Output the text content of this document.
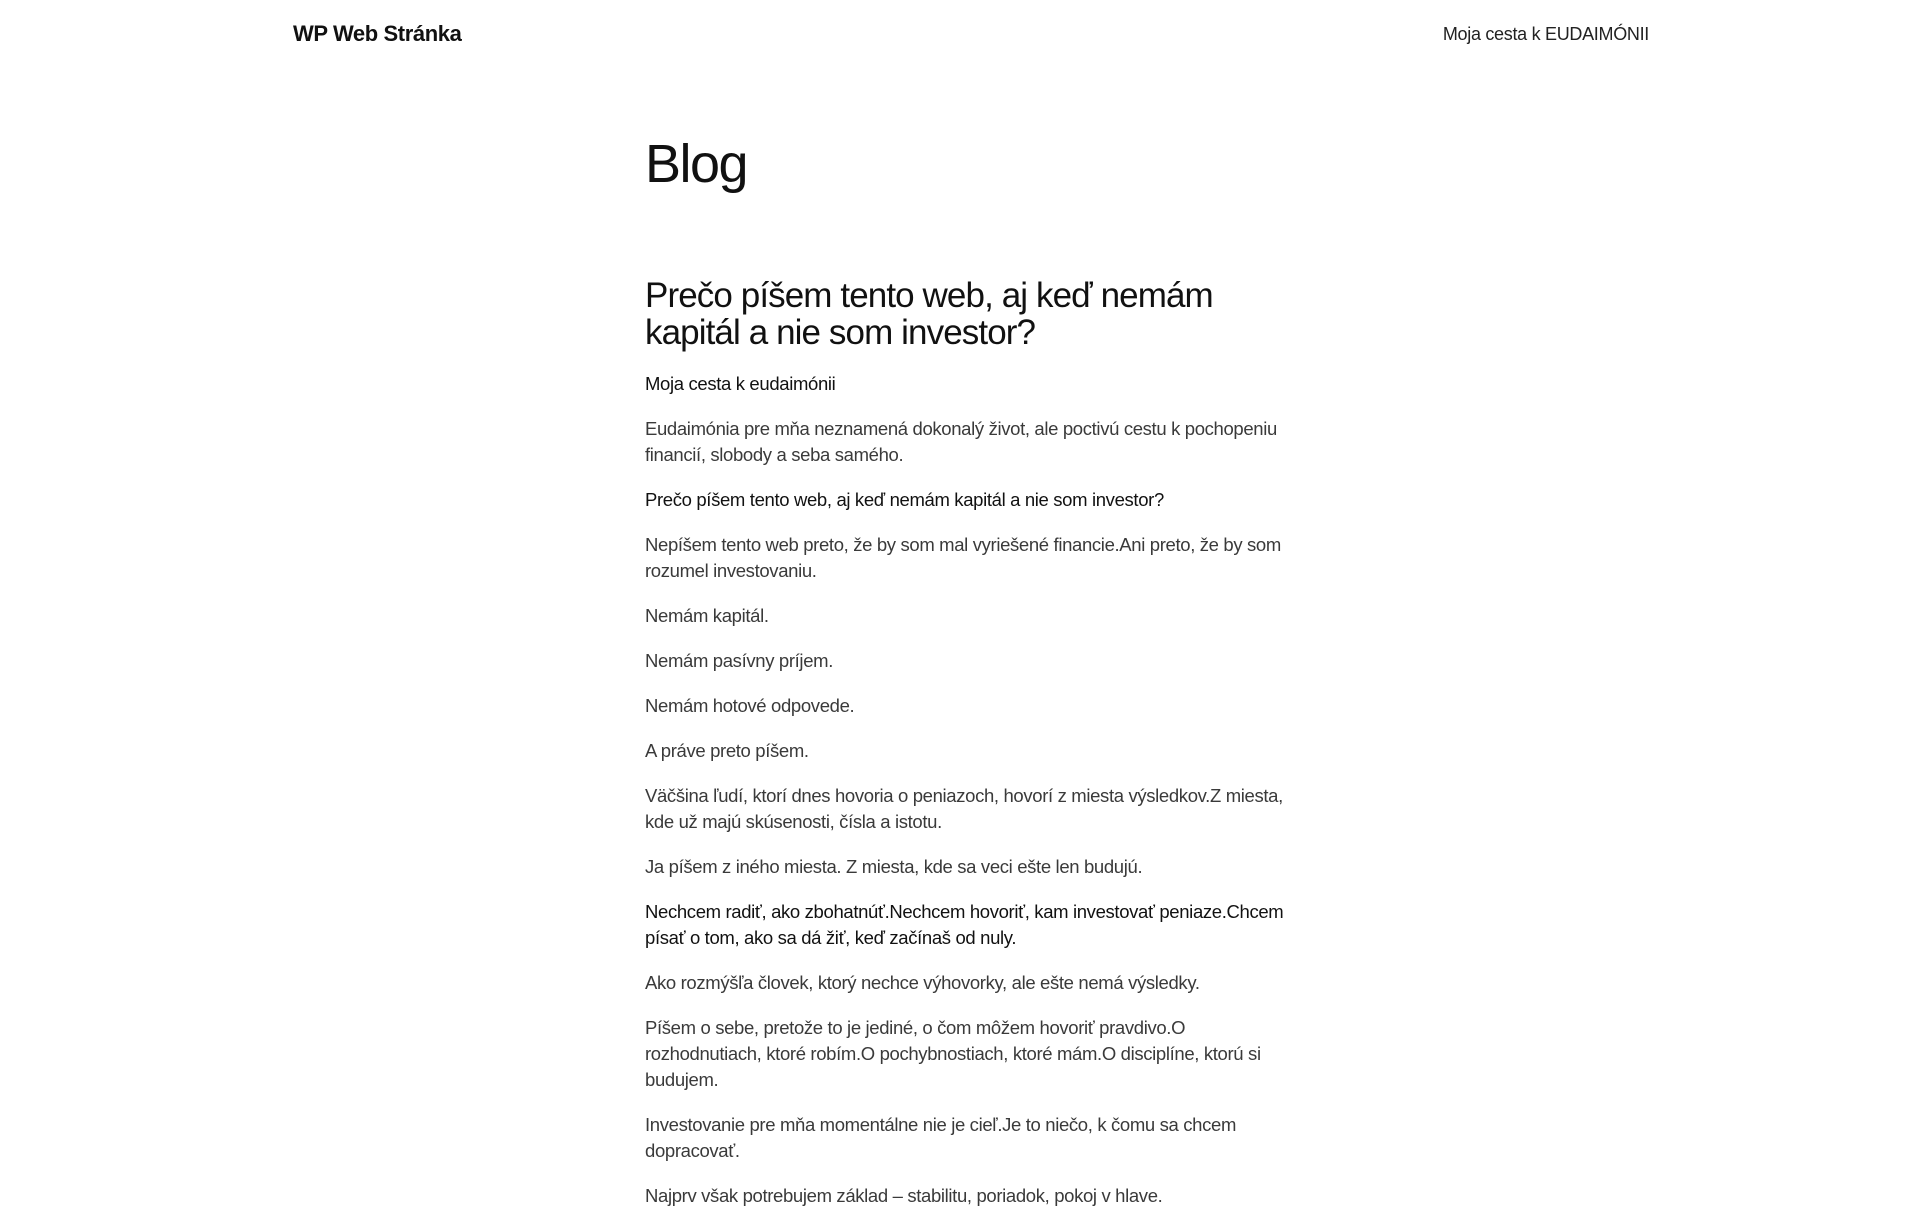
WP Web Stránka	Moja cesta k EUDAIMÓNII
Blog
Prečo píšem tento web, aj keď nemám kapitál a nie som investor?

Moja cesta k eudaimónii

Eudaimónia pre mňa neznamená dokonalý život, ale poctivú cestu k pochopeniu financií, slobody a seba samého.

Prečo píšem tento web, aj keď nemám kapitál a nie som investor?

Nepíšem tento web preto, že by som mal vyriešené financie.Ani preto, že by som rozumel investovaniu.

Nemám kapitál.

Nemám pasívny príjem.

Nemám hotové odpovede.

A práve preto píšem.

Väčšina ľudí, ktorí dnes hovoria o peniazoch, hovorí z miesta výsledkov.Z miesta, kde už majú skúsenosti, čísla a istotu.

Ja píšem z iného miesta. Z miesta, kde sa veci ešte len budujú.

Nechcem radiť, ako zbohatnúť.Nechcem hovoriť, kam investovať peniaze.Chcem písať o tom, ako sa dá žiť, keď začínaš od nuly.

Ako rozmýšľa človek, ktorý nechce výhovorky, ale ešte nemá výsledky.

Píšem o sebe, pretože to je jediné, o čom môžem hovoriť pravdivo.O rozhodnutiach, ktoré robím.O pochybnostiach, ktoré mám.O disciplíne, ktorú si budujem.

Investovanie pre mňa momentálne nie je cieľ.Je to niečo, k čomu sa chcem dopracovať.

Najprv však potrebujem základ – stabilitu, poriadok, pokoj v hlave.
